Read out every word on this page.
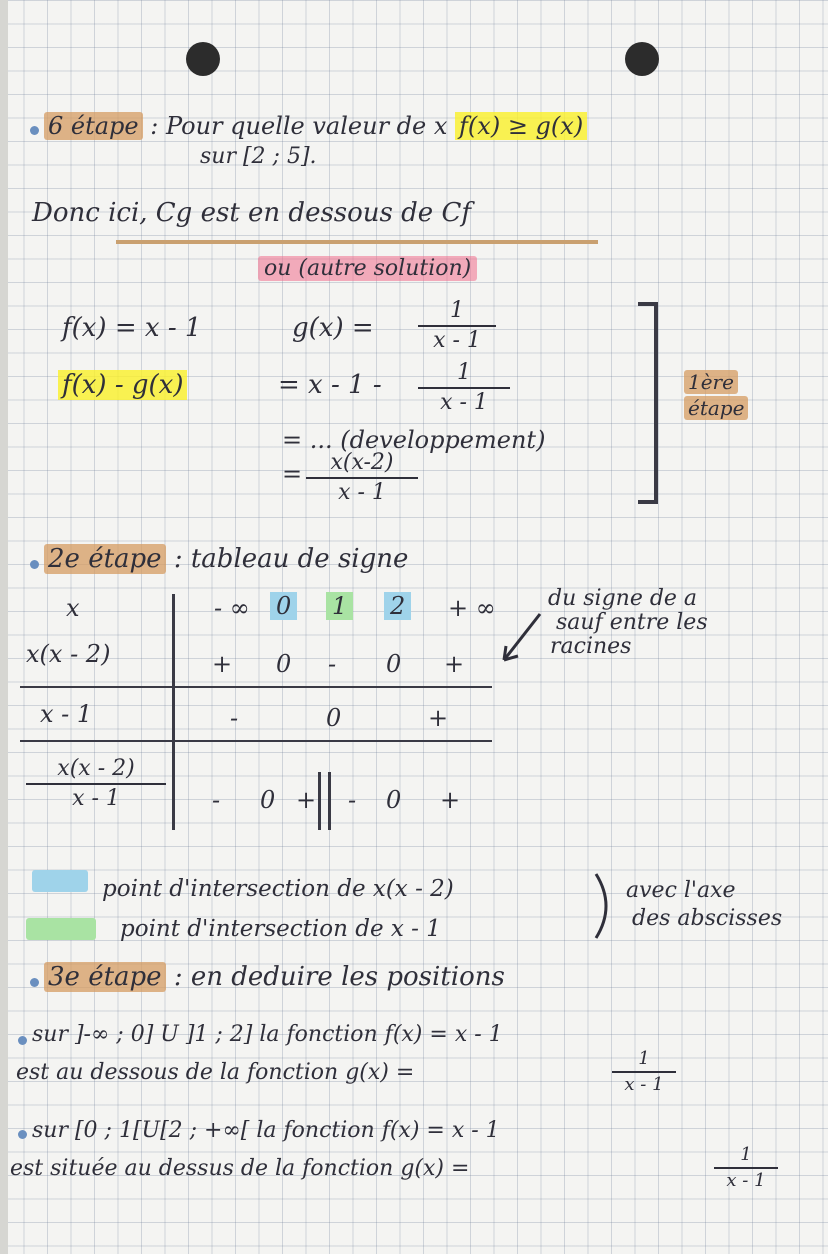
6 étape : Pour quelle valeur de x f(x) ≥ g(x)
sur [2 ; 5].
Donc ici, Cg est en dessous de Cf
ou (autre solution)
f(x) = x - 1	g(x) =
1
x - 1
f(x) - g(x)	= x - 1 -	1
x - 1
= ... (developpement)
=	x(x-2)
x - 1
1ère
étape
2e étape : tableau de signe
x	- ∞ 0 1 2 + ∞
x(x - 2)	+ 0 - 0 +
x - 1	-	0	+
x(x - 2)
x - 1	- 0 + - 0 +
du signe de a
sauf entre les
racines
point d'intersection de x(x - 2)
point d'intersection de x - 1
avec l'axe
des abscisses
3e étape : en deduire les positions
sur ]-∞ ; 0] U ]1 ; 2] la fonction f(x) = x - 1
est au dessous de la fonction g(x) =
1
x - 1
sur [0 ; 1[U[2 ; +∞[ la fonction f(x) = x - 1
est située au dessus de la fonction g(x) =
1
x - 1
